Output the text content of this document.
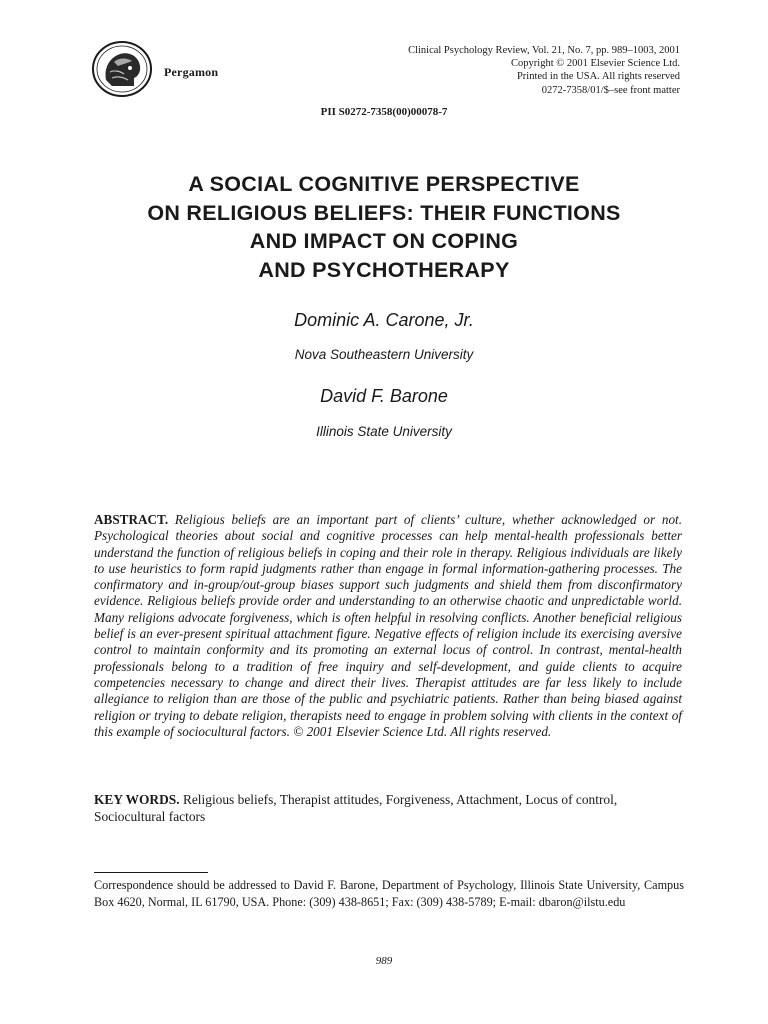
Pergamon
Clinical Psychology Review, Vol. 21, No. 7, pp. 989–1003, 2001
Copyright © 2001 Elsevier Science Ltd.
Printed in the USA. All rights reserved
0272-7358/01/$–see front matter
PII S0272-7358(00)00078-7
A SOCIAL COGNITIVE PERSPECTIVE
ON RELIGIOUS BELIEFS: THEIR FUNCTIONS
AND IMPACT ON COPING
AND PSYCHOTHERAPY
Dominic A. Carone, Jr.
Nova Southeastern University
David F. Barone
Illinois State University
ABSTRACT. Religious beliefs are an important part of clients’ culture, whether acknowledged or not. Psychological theories about social and cognitive processes can help mental-health professionals better understand the function of religious beliefs in coping and their role in therapy. Religious individuals are likely to use heuristics to form rapid judgments rather than engage in formal information-gathering processes. The confirmatory and in-group/out-group biases support such judgments and shield them from disconfirmatory evidence. Religious beliefs provide order and understanding to an otherwise chaotic and unpredictable world. Many religions advocate forgiveness, which is often helpful in resolving conflicts. Another beneficial religious belief is an ever-present spiritual attachment figure. Negative effects of religion include its exercising aversive control to maintain conformity and its promoting an external locus of control. In contrast, mental-health professionals belong to a tradition of free inquiry and self-development, and guide clients to acquire competencies necessary to change and direct their lives. Therapist attitudes are far less likely to include allegiance to religion than are those of the public and psychiatric patients. Rather than being biased against religion or trying to debate religion, therapists need to engage in problem solving with clients in the context of this example of sociocultural factors. © 2001 Elsevier Science Ltd. All rights reserved.
KEY WORDS. Religious beliefs, Therapist attitudes, Forgiveness, Attachment, Locus of control, Sociocultural factors
Correspondence should be addressed to David F. Barone, Department of Psychology, Illinois State University, Campus Box 4620, Normal, IL 61790, USA. Phone: (309) 438-8651; Fax: (309) 438-5789; E-mail: dbaron@ilstu.edu
989
